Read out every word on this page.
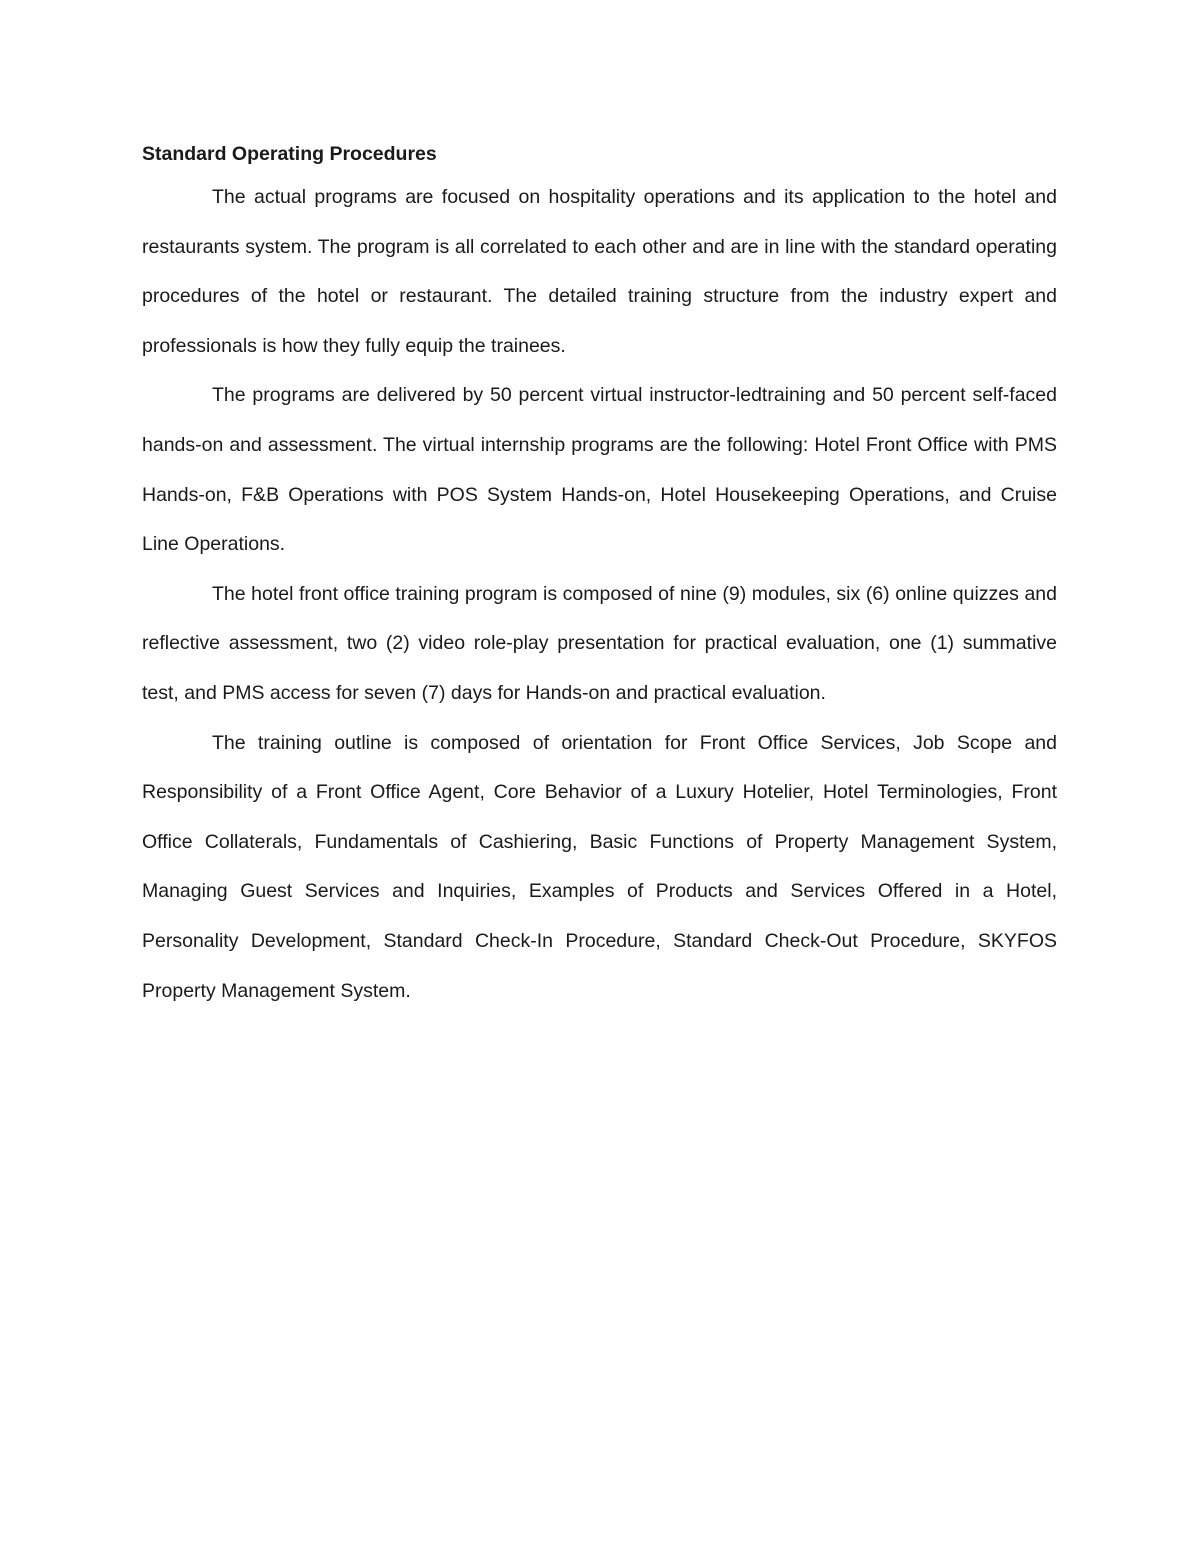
Standard Operating Procedures

The actual programs are focused on hospitality operations and its application to the hotel and restaurants system. The program is all correlated to each other and are in line with the standard operating procedures of the hotel or restaurant. The detailed training structure from the industry expert and professionals is how they fully equip the trainees.

The programs are delivered by 50 percent virtual instructor-ledtraining and 50 percent self-faced hands-on and assessment. The virtual internship programs are the following: Hotel Front Office with PMS Hands-on, F&B Operations with POS System Hands-on, Hotel Housekeeping Operations, and Cruise Line Operations.

The hotel front office training program is composed of nine (9) modules, six (6) online quizzes and reflective assessment, two (2) video role-play presentation for practical evaluation, one (1) summative test, and PMS access for seven (7) days for Hands-on and practical evaluation.

The training outline is composed of orientation for Front Office Services, Job Scope and Responsibility of a Front Office Agent, Core Behavior of a Luxury Hotelier, Hotel Terminologies, Front Office Collaterals, Fundamentals of Cashiering, Basic Functions of Property Management System, Managing Guest Services and Inquiries, Examples of Products and Services Offered in a Hotel, Personality Development, Standard Check-In Procedure, Standard Check-Out Procedure, SKYFOS Property Management System.
